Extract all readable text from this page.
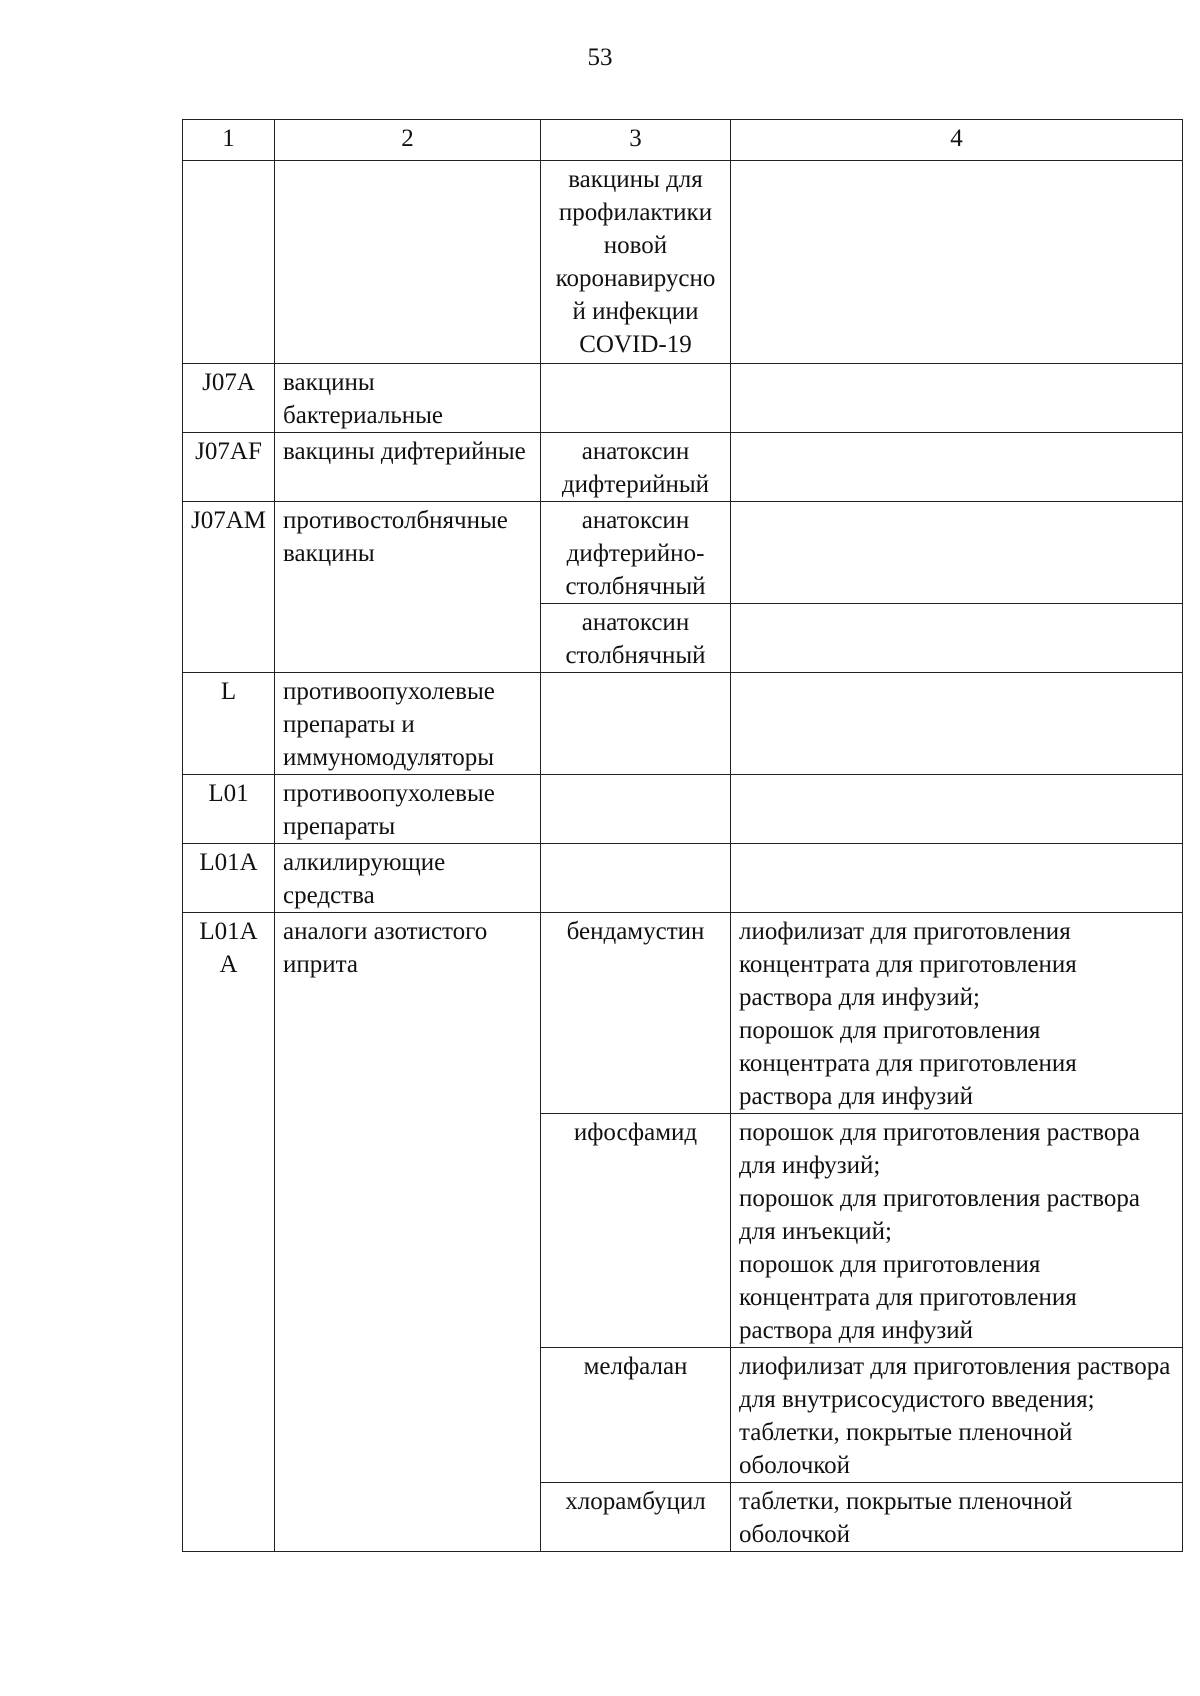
53
1	2	3	4
		вакцины для профилактики новой коронавирусной инфекции COVID-19	
J07A	вакцины бактериальные		
J07AF	вакцины дифтерийные	анатоксин дифтерийный	
J07AM	противостолбнячные вакцины	анатоксин дифтерийно-столбнячный	
		анатоксин столбнячный	
L	противоопухолевые препараты и иммуномодуляторы		
L01	противоопухолевые препараты		
L01A	алкилирующие средства		
L01AA	аналоги азотистого иприта	бендамустин	лиофилизат для приготовления концентрата для приготовления раствора для инфузий;
порошок для приготовления концентрата для приготовления раствора для инфузий

		ифосфамид	порошок для приготовления раствора для инфузий;
порошок для приготовления раствора для инъекций;
порошок для приготовления концентрата для приготовления раствора для инфузий

		мелфалан	лиофилизат для приготовления раствора для внутрисосудистого введения;
таблетки, покрытые пленочной оболочкой

		хлорамбуцил	таблетки, покрытые пленочной оболочкой
